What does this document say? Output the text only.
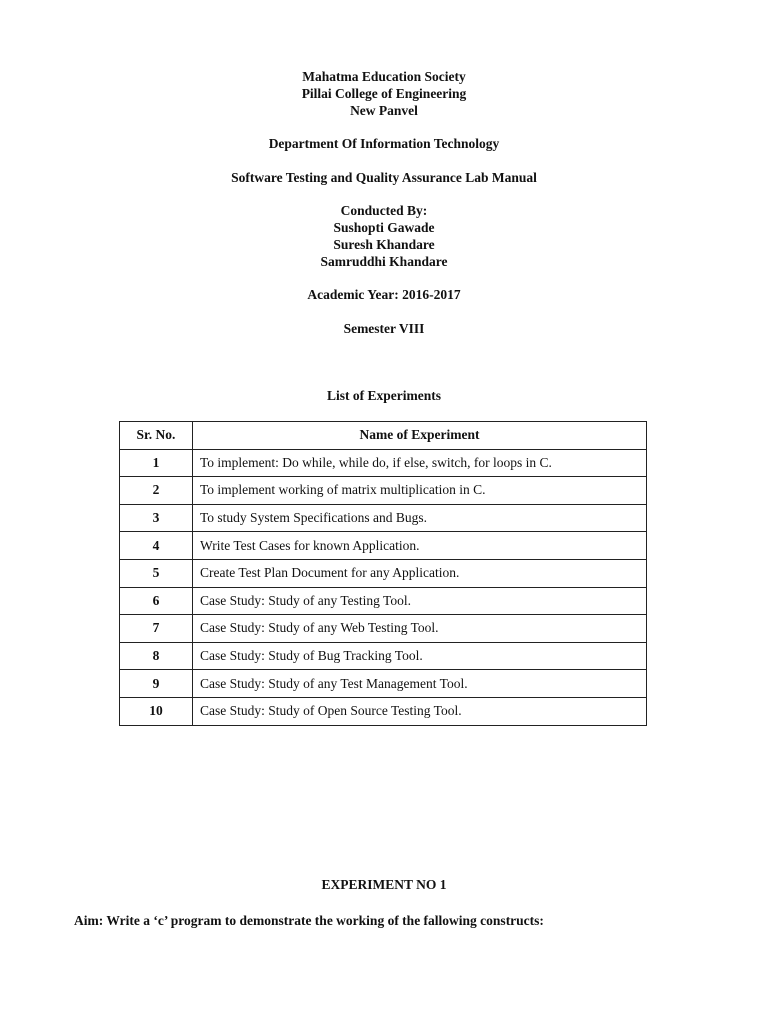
Mahatma Education Society
Pillai College of Engineering
New Panvel
Department Of Information Technology
Software Testing and Quality Assurance Lab Manual
Conducted By:
Sushopti Gawade
Suresh Khandare
Samruddhi Khandare
Academic Year: 2016-2017
Semester VIII
List of Experiments
Sr. No.	Name of Experiment
1	To implement: Do while, while do, if else, switch, for loops in C.
2	To implement working of matrix multiplication in C.
3	To study System Specifications and Bugs.
4	Write Test Cases for known Application.
5	Create Test Plan Document for any Application.
6	Case Study: Study of any Testing Tool.
7	Case Study: Study of any Web Testing Tool.
8	Case Study: Study of Bug Tracking Tool.
9	Case Study: Study of any Test Management Tool.
10	Case Study: Study of Open Source Testing Tool.
EXPERIMENT NO 1
Aim: Write a ‘c’ program to demonstrate the working of the fallowing constructs:
